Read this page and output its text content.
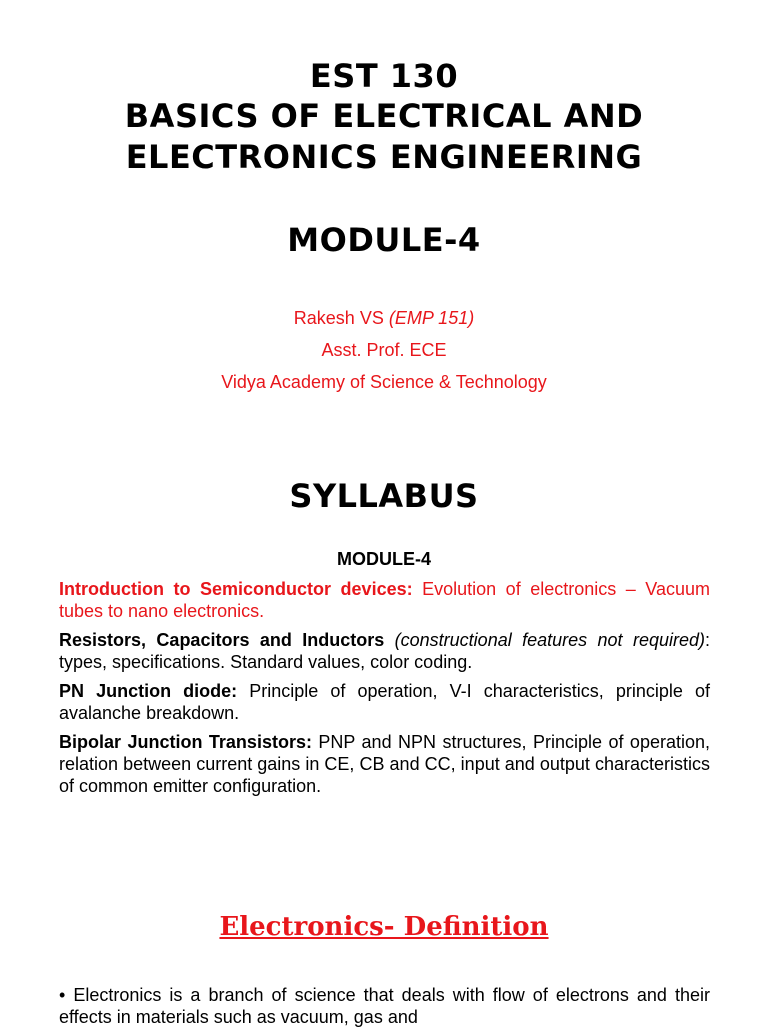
EST 130
BASICS OF ELECTRICAL AND
ELECTRONICS ENGINEERING
MODULE-4
Rakesh VS (EMP 151)
Asst. Prof. ECE
Vidya Academy of Science & Technology
SYLLABUS
MODULE-4

Introduction to Semiconductor devices: Evolution of electronics – Vacuum tubes to nano electronics.

Resistors, Capacitors and Inductors (constructional features not required): types, specifications. Standard values, color coding.

PN Junction diode: Principle of operation, V-I characteristics, principle of avalanche breakdown.

Bipolar Junction Transistors: PNP and NPN structures, Principle of operation, relation between current gains in CE, CB and CC, input and output characteristics of common emitter configuration.

Electronics- Definition
• Electronics is a branch of science that deals with flow of electrons and their effects in materials such as vacuum, gas and
